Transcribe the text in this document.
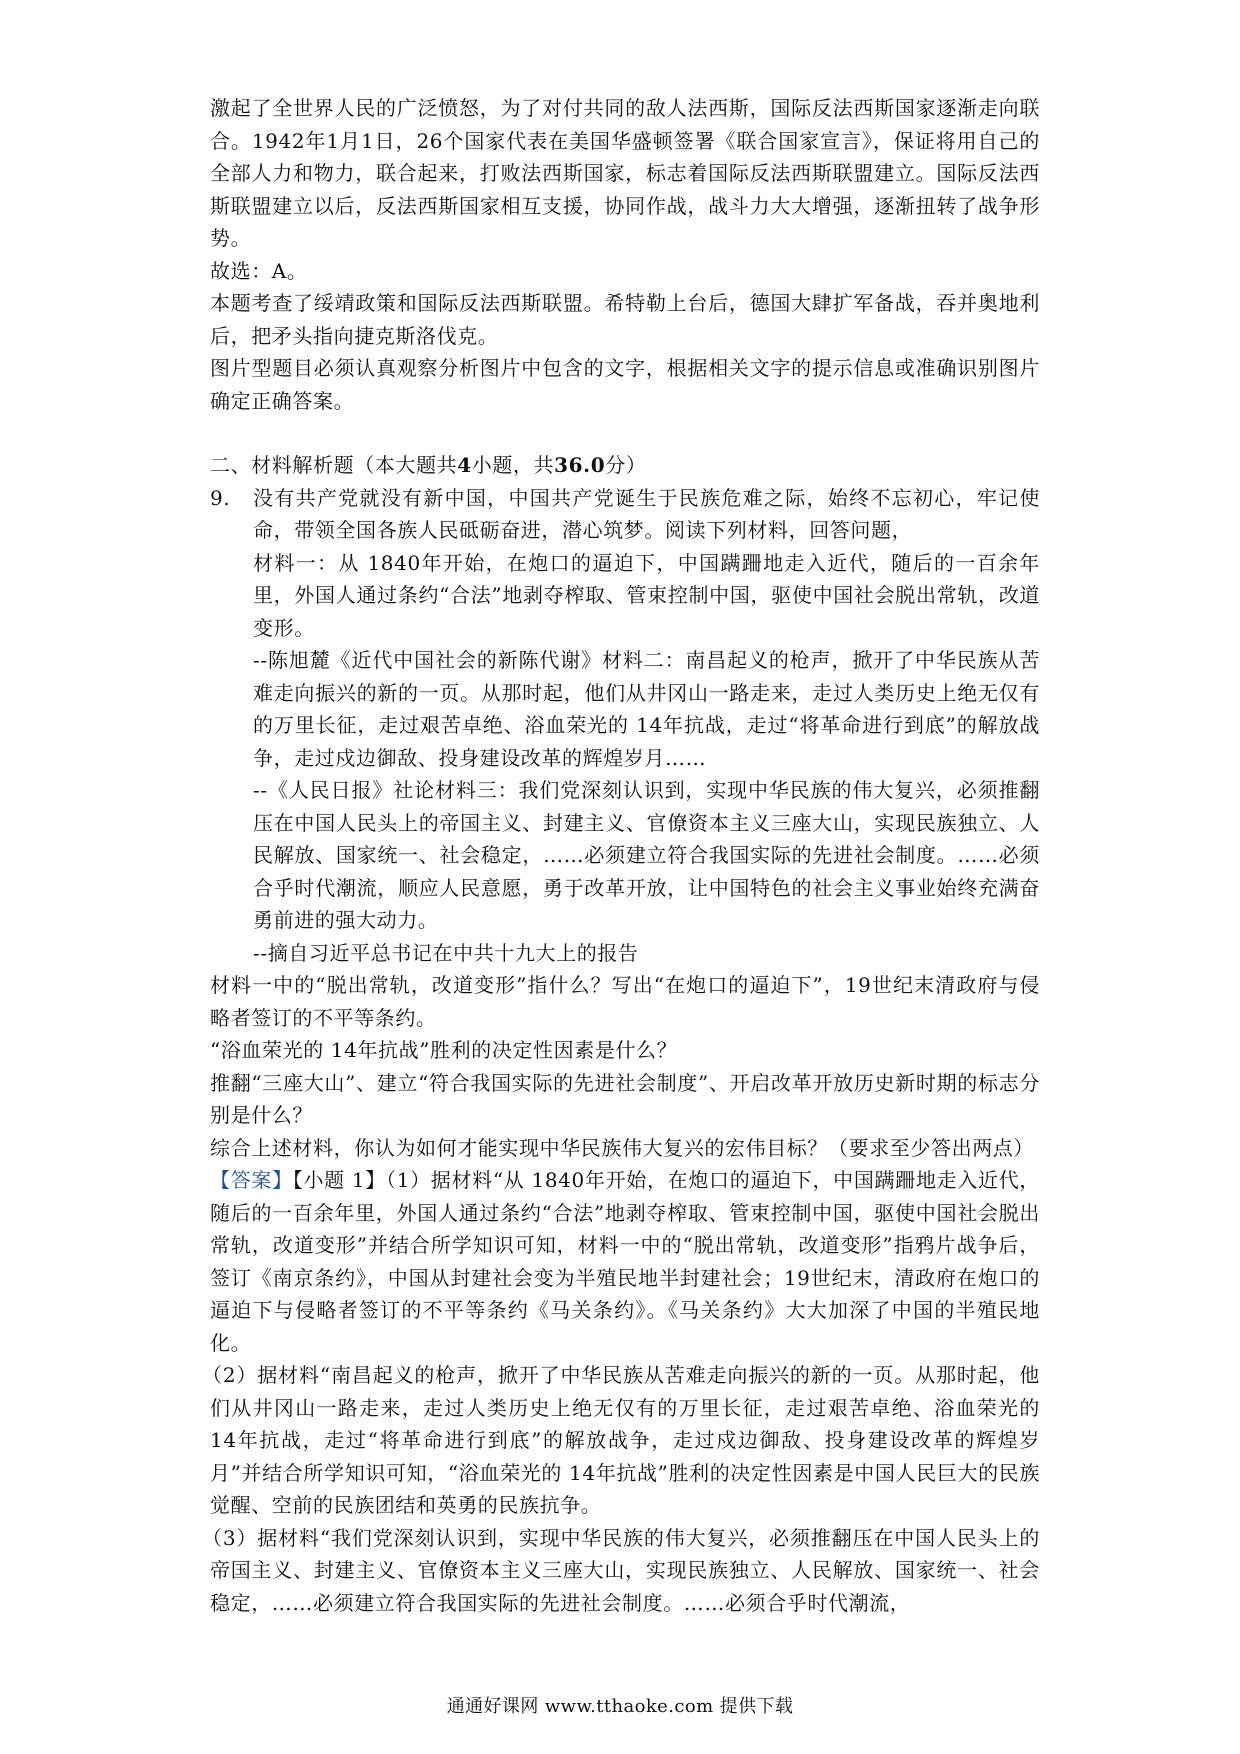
激起了全世界人民的广泛愤怒，为了对付共同的敌人法西斯，国际反法西斯国家逐渐走向联合。1942年1月1日，26个国家代表在美国华盛顿签署《联合国家宣言》，保证将用自己的全部人力和物力，联合起来，打败法西斯国家，标志着国际反法西斯联盟建立。国际反法西斯联盟建立以后，反法西斯国家相互支援，协同作战，战斗力大大增强，逐渐扭转了战争形势。

故选：A。

本题考查了绥靖政策和国际反法西斯联盟。希特勒上台后，德国大肆扩军备战，吞并奥地利后，把矛头指向捷克斯洛伐克。

图片型题目必须认真观察分析图片中包含的文字，根据相关文字的提示信息或准确识别图片确定正确答案。

二、材料解析题（本大题共4小题，共36.0分）

9.	没有共产党就没有新中国，中国共产党诞生于民族危难之际，始终不忘初心，牢记使命，带领全国各族人民砥砺奋进，潜心筑梦。阅读下列材料，回答问题，

材料一：从 1840年开始，在炮口的逼迫下，中国蹒跚地走入近代，随后的一百余年里，外国人通过条约“合法”地剥夺榨取、管束控制中国，驱使中国社会脱出常轨，改道变形。

--陈旭麓《近代中国社会的新陈代谢》材料二：南昌起义的枪声，掀开了中华民族从苦难走向振兴的新的一页。从那时起，他们从井冈山一路走来，走过人类历史上绝无仅有的万里长征，走过艰苦卓绝、浴血荣光的 14年抗战，走过“将革命进行到底”的解放战争，走过戍边御敌、投身建设改革的辉煌岁月……

--《人民日报》社论材料三：我们党深刻认识到，实现中华民族的伟大复兴，必须推翻压在中国人民头上的帝国主义、封建主义、官僚资本主义三座大山，实现民族独立、人民解放、国家统一、社会稳定，……必须建立符合我国实际的先进社会制度。……必须合乎时代潮流，顺应人民意愿，勇于改革开放，让中国特色的社会主义事业始终充满奋勇前进的强大动力。

--摘自习近平总书记在中共十九大上的报告

材料一中的“脱出常轨，改道变形”指什么？写出“在炮口的逼迫下”，19世纪末清政府与侵略者签订的不平等条约。

“浴血荣光的 14年抗战”胜利的决定性因素是什么？

推翻“三座大山”、建立“符合我国实际的先进社会制度”、开启改革开放历史新时期的标志分别是什么？

综合上述材料，你认为如何才能实现中华民族伟大复兴的宏伟目标？（要求至少答出两点）

【答案】【小题 1】（1）据材料“从 1840年开始，在炮口的逼迫下，中国蹒跚地走入近代，随后的一百余年里，外国人通过条约“合法”地剥夺榨取、管束控制中国，驱使中国社会脱出常轨，改道变形”并结合所学知识可知，材料一中的“脱出常轨，改道变形”指鸦片战争后，签订《南京条约》，中国从封建社会变为半殖民地半封建社会；19世纪末，清政府在炮口的逼迫下与侵略者签订的不平等条约《马关条约》。《马关条约》大大加深了中国的半殖民地化。

（2）据材料“南昌起义的枪声，掀开了中华民族从苦难走向振兴的新的一页。从那时起，他们从井冈山一路走来，走过人类历史上绝无仅有的万里长征，走过艰苦卓绝、浴血荣光的 14年抗战，走过“将革命进行到底”的解放战争，走过戍边御敌、投身建设改革的辉煌岁月”并结合所学知识可知，“浴血荣光的 14年抗战”胜利的决定性因素是中国人民巨大的民族觉醒、空前的民族团结和英勇的民族抗争。

（3）据材料“我们党深刻认识到，实现中华民族的伟大复兴，必须推翻压在中国人民头上的帝国主义、封建主义、官僚资本主义三座大山，实现民族独立、人民解放、国家统一、社会稳定，……必须建立符合我国实际的先进社会制度。……必须合乎时代潮流，

通通好课网 www.tthaoke.com 提供下载
